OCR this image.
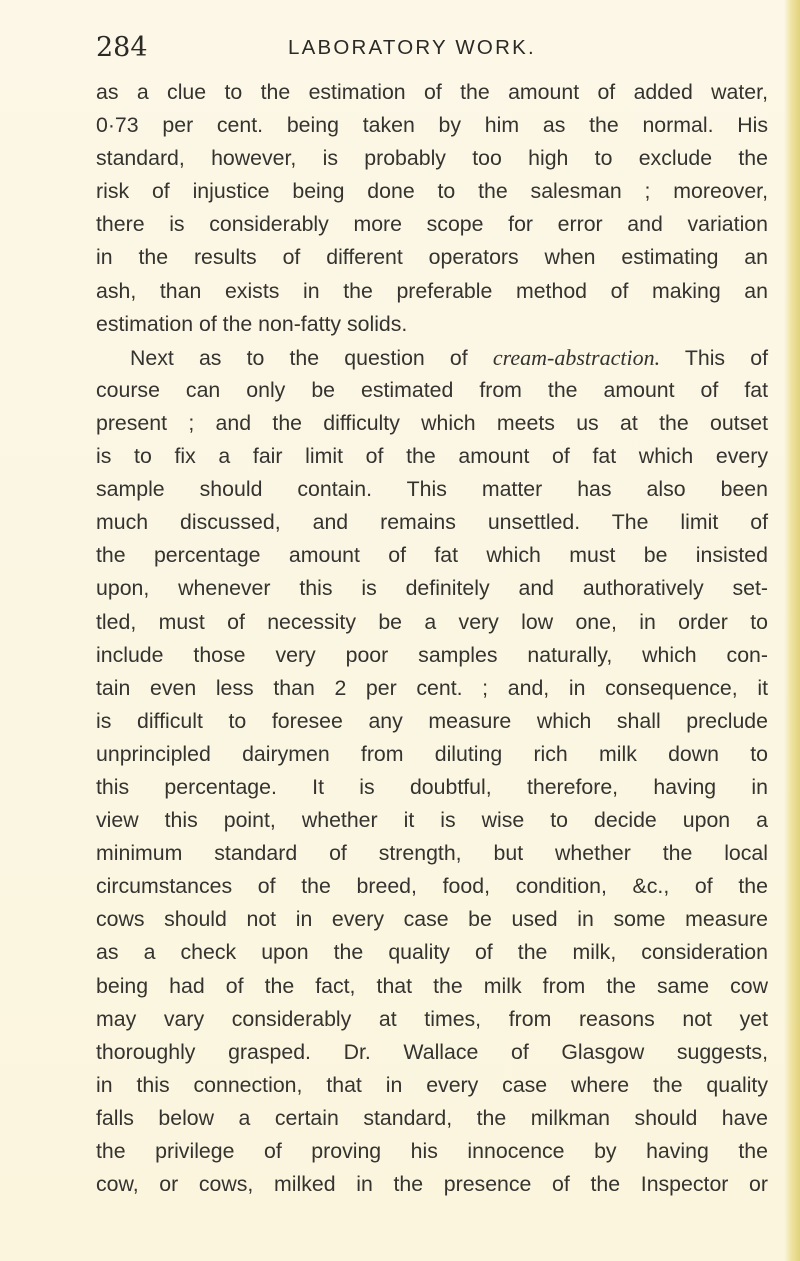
284	LABORATORY WORK.
as a clue to the estimation of the amount of added water,
0·73 per cent. being taken by him as the normal. His
standard, however, is probably too high to exclude the
risk of injustice being done to the salesman ; moreover,
there is considerably more scope for error and variation
in the results of different operators when estimating an
ash, than exists in the preferable method of making an
estimation of the non-fatty solids.
Next as to the question of cream-abstraction. This of
course can only be estimated from the amount of fat
present ; and the difficulty which meets us at the outset
is to fix a fair limit of the amount of fat which every
sample should contain. This matter has also been
much discussed, and remains unsettled. The limit of
the percentage amount of fat which must be insisted
upon, whenever this is definitely and authoratively set-
tled, must of necessity be a very low one, in order to
include those very poor samples naturally, which con-
tain even less than 2 per cent. ; and, in consequence, it
is difficult to foresee any measure which shall preclude
unprincipled dairymen from diluting rich milk down to
this percentage. It is doubtful, therefore, having in
view this point, whether it is wise to decide upon a
minimum standard of strength, but whether the local
circumstances of the breed, food, condition, &c., of the
cows should not in every case be used in some measure
as a check upon the quality of the milk, consideration
being had of the fact, that the milk from the same cow
may vary considerably at times, from reasons not yet
thoroughly grasped. Dr. Wallace of Glasgow suggests,
in this connection, that in every case where the quality
falls below a certain standard, the milkman should have
the privilege of proving his innocence by having the
cow, or cows, milked in the presence of the Inspector or
